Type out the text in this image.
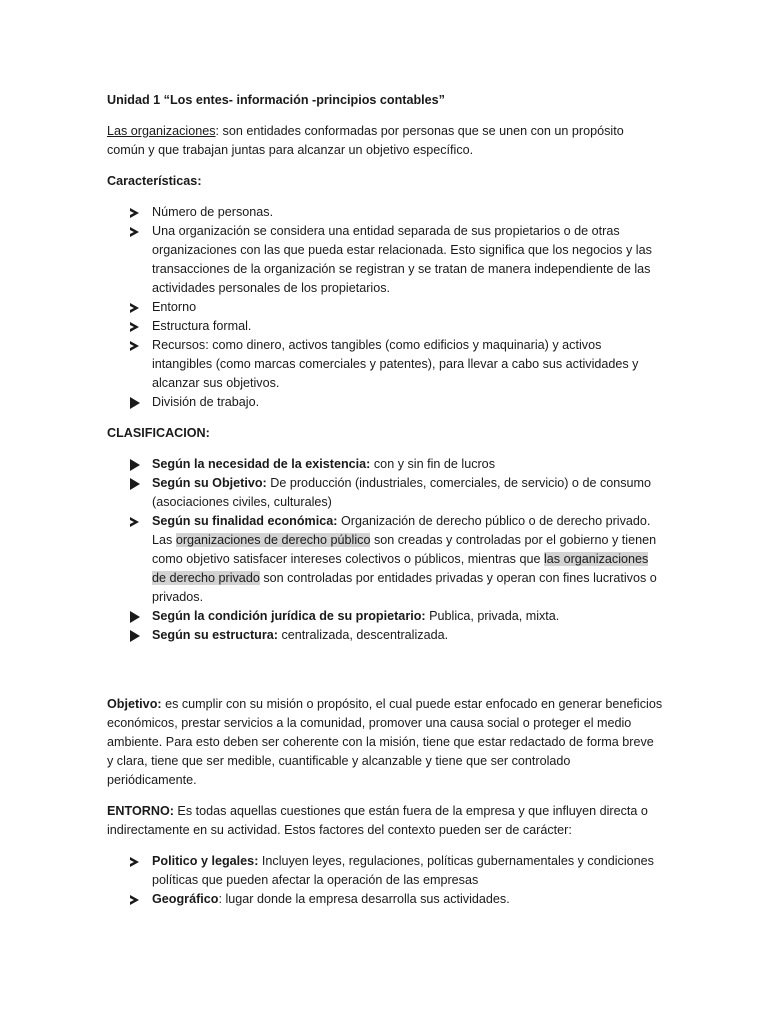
Unidad 1 “Los entes- información -principios contables”

Las organizaciones: son entidades conformadas por personas que se unen con un propósito común y que trabajan juntas para alcanzar un objetivo específico.

Características:

Número de personas.
Una organización se considera una entidad separada de sus propietarios o de otras organizaciones con las que pueda estar relacionada. Esto significa que los negocios y las transacciones de la organización se registran y se tratan de manera independiente de las actividades personales de los propietarios.
Entorno
Estructura formal.
Recursos: como dinero, activos tangibles (como edificios y maquinaria) y activos intangibles (como marcas comerciales y patentes), para llevar a cabo sus actividades y alcanzar sus objetivos.
División de trabajo.

CLASIFICACION:

Según la necesidad de la existencia: con y sin fin de lucros
Según su Objetivo: De producción (industriales, comerciales, de servicio) o de consumo (asociaciones civiles, culturales)
Según su finalidad económica: Organización de derecho público o de derecho privado. Las organizaciones de derecho público son creadas y controladas por el gobierno y tienen como objetivo satisfacer intereses colectivos o públicos, mientras que las organizaciones de derecho privado son controladas por entidades privadas y operan con fines lucrativos o privados.
Según la condición jurídica de su propietario: Publica, privada, mixta.
Según su estructura: centralizada, descentralizada.

Objetivo: es cumplir con su misión o propósito, el cual puede estar enfocado en generar beneficios económicos, prestar servicios a la comunidad, promover una causa social o proteger el medio ambiente. Para esto deben ser coherente con la misión, tiene que estar redactado de forma breve y clara, tiene que ser medible, cuantificable y alcanzable y tiene que ser controlado periódicamente.

ENTORNO: Es todas aquellas cuestiones que están fuera de la empresa y que influyen directa o indirectamente en su actividad. Estos factores del contexto pueden ser de carácter:

Politico y legales: Incluyen leyes, regulaciones, políticas gubernamentales y condiciones políticas que pueden afectar la operación de las empresas
Geográfico: lugar donde la empresa desarrolla sus actividades.
